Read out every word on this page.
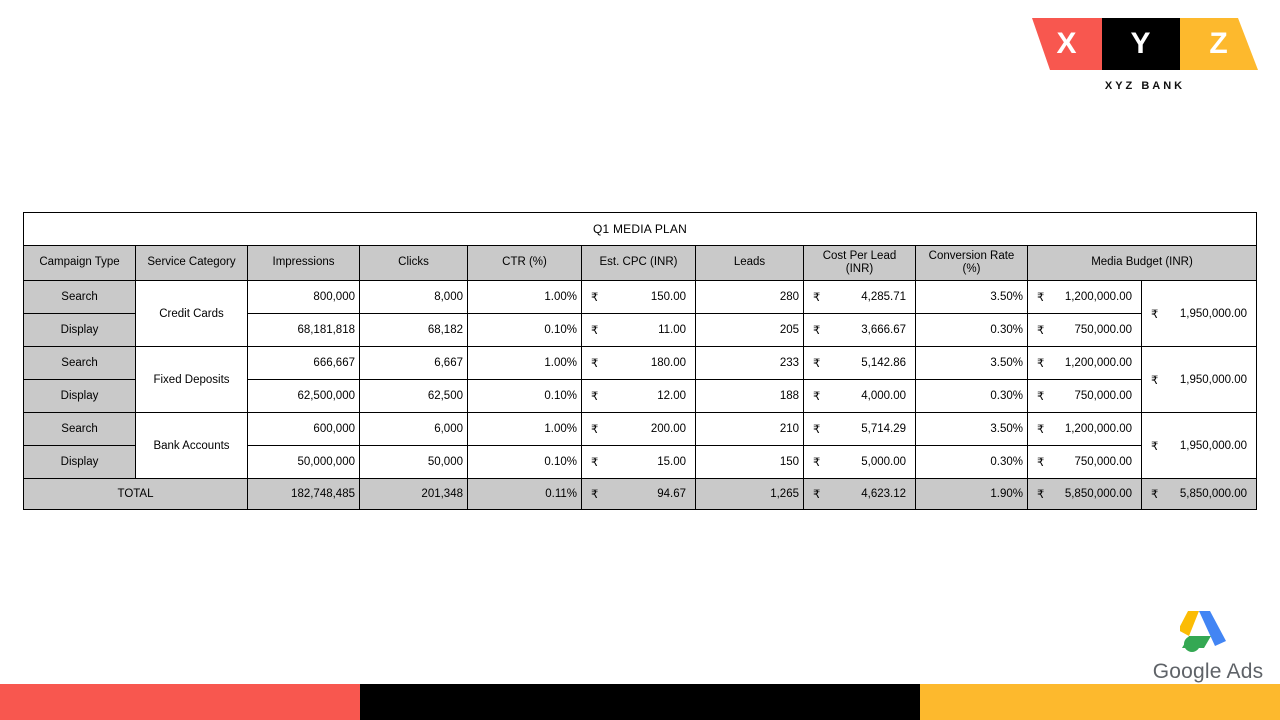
X	Y	Z
XYZ BANK
Q1 MEDIA PLAN										
Campaign Type	Service Category	Impressions	Clicks	CTR (%)	Est. CPC (INR)	Leads	Cost Per Lead (INR)	Conversion Rate (%)	Media Budget (INR)	
Search	Credit Cards	800,000	8,000	1.00%	₹ 150.00	280	₹ 4,285.71	3.50%	₹ 1,200,000.00	₹ 1,950,000.00

Display		68,181,818	68,182	0.10%	₹ 11.00	205	₹ 3,666.67	0.30%	₹ 750,000.00	

Search	Fixed Deposits	666,667	6,667	1.00%	₹ 180.00	233	₹ 5,142.86	3.50%	₹ 1,200,000.00	₹ 1,950,000.00

Display		62,500,000	62,500	0.10%	₹ 12.00	188	₹ 4,000.00	0.30%	₹ 750,000.00	

Search	Bank Accounts	600,000	6,000	1.00%	₹ 200.00	210	₹ 5,714.29	3.50%	₹ 1,200,000.00	₹ 1,950,000.00

Display		50,000,000	50,000	0.10%	₹ 15.00	150	₹ 5,000.00	0.30%	₹ 750,000.00	

TOTAL		182,748,485	201,348	0.11%	₹ 94.67	1,265	₹ 4,623.12	1.90%	₹ 5,850,000.00	₹ 5,850,000.00
Google Ads
